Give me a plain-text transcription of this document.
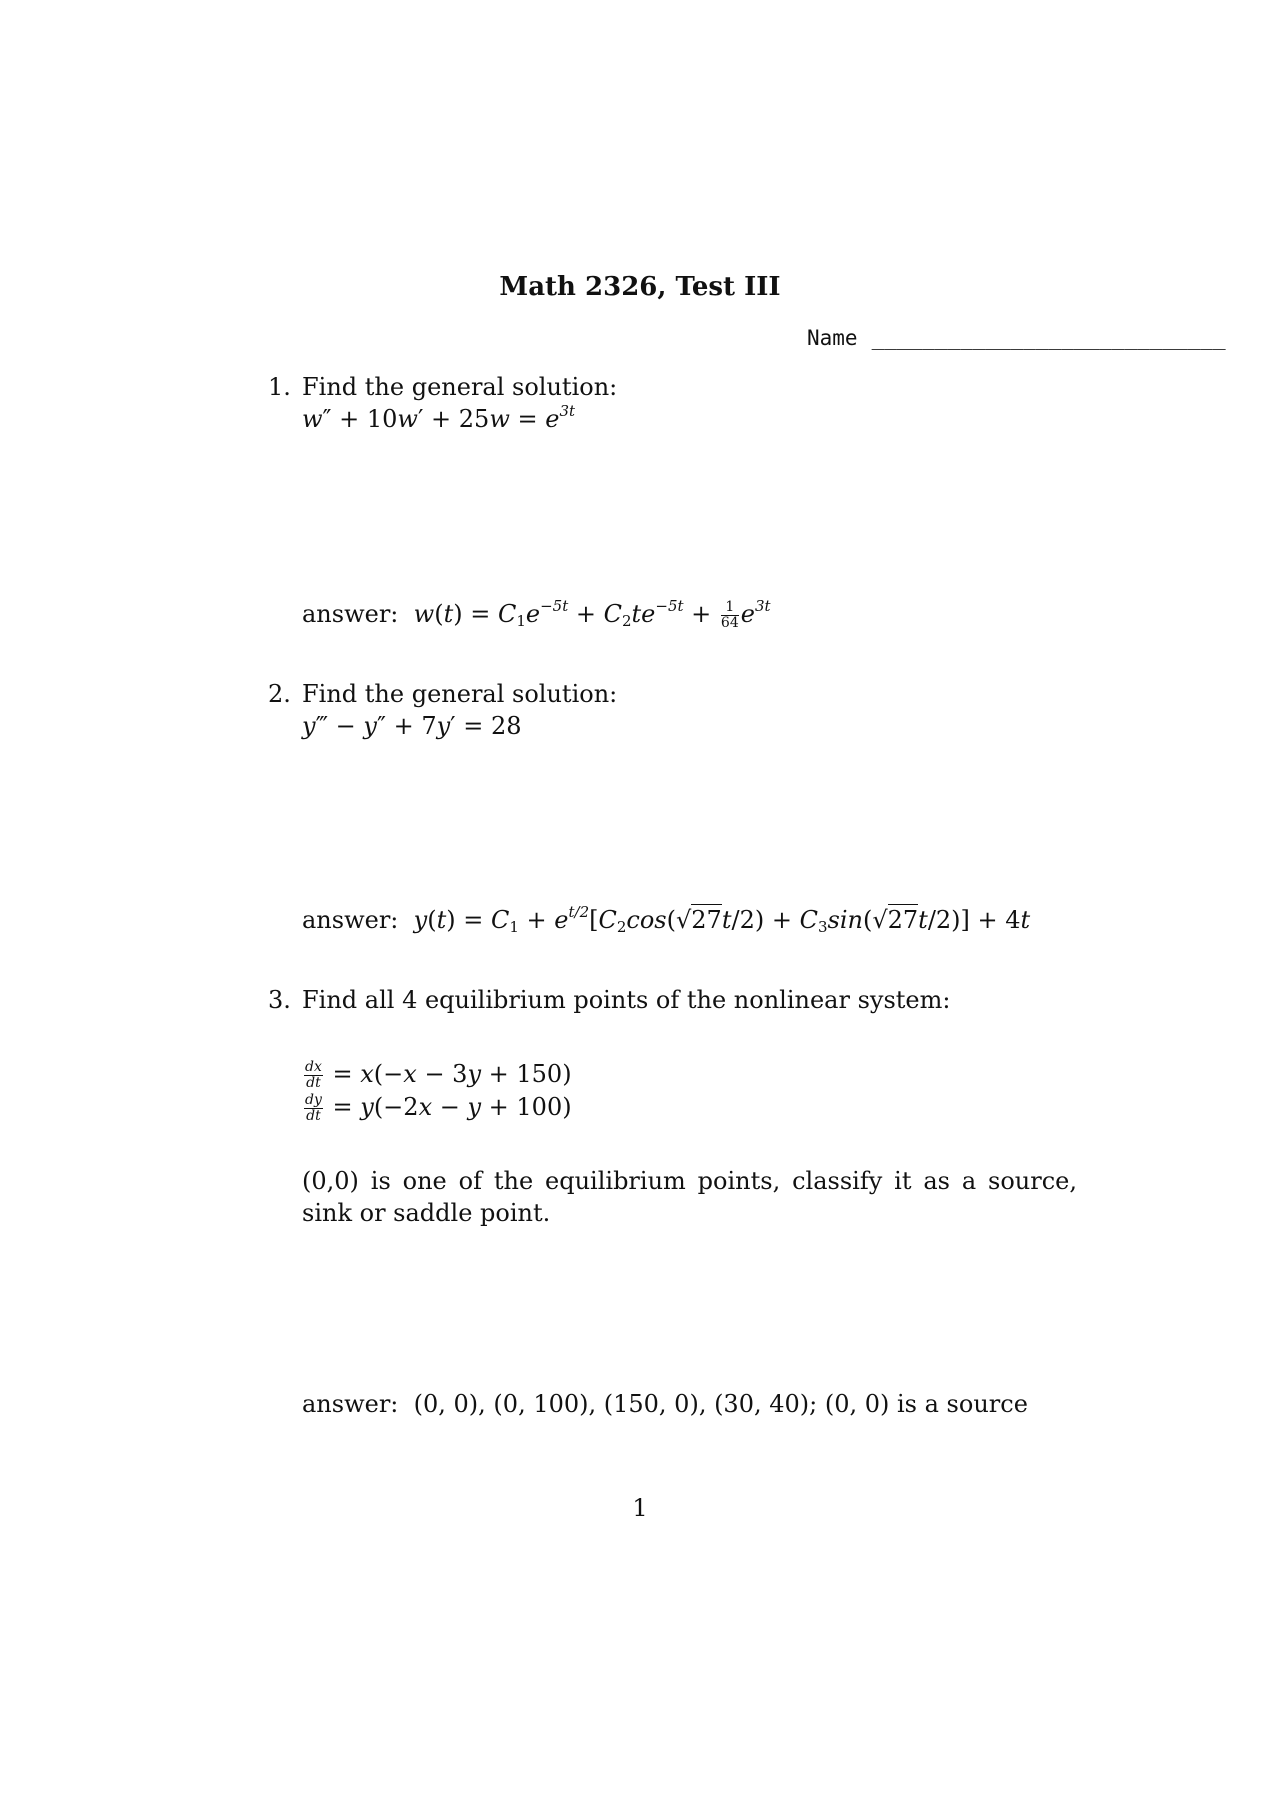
Math 2326, Test III
Name ____________________________
1. Find the general solution:
$w'' + 10w' + 25w = e^{3t}$
answer: $w(t) = C1e^{-5t} + C2te^{-5t} + \frac{1}{64} e^{3t}$
2. Find the general solution:
y‴ − y″ + 7y′ = 28
answer: $y(t) = C1 + e^{t/2}[C2\cos(√27t/2) + C3\sin(√27t/2)] + 4t$
3. Find all 4 equilibrium points of the nonlinear system:
$\frac{dx}{dt} = x(-x - 3y + 150)$
$\frac{dy}{dt} = y(-2x - y + 100)$
(0,0) is one of the equilibrium points, classify it as a source, sink or saddle point.
answer:  (0, 0), (0, 100), (150, 0), (30, 40); (0, 0) is a source
1
